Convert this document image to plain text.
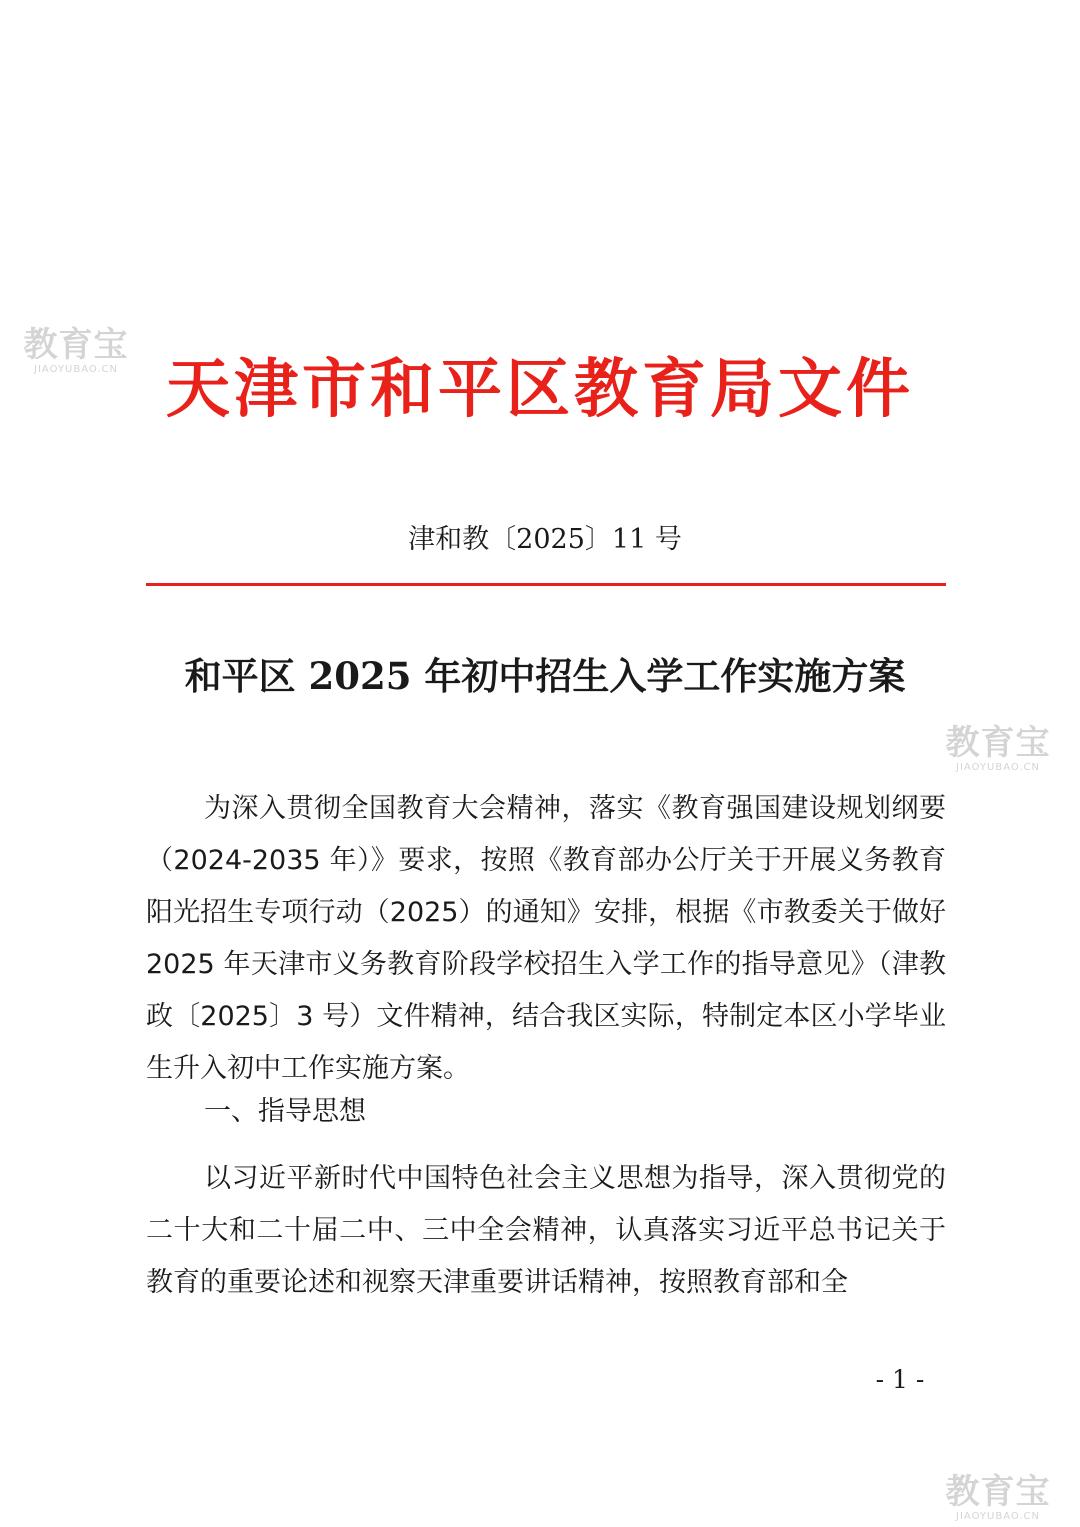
教育宝
JIAOYUBAO.CN 天津市和平区教育局文件
津和教〔2025〕11 号
和平区 2025 年初中招生入学工作实施方案
教育宝
JIAOYUBAO.CN

为深入贯彻全国教育大会精神，落实《教育强国建设规划纲要（2024-2035 年）》要求，按照《教育部办公厅关于开展义务教育阳光招生专项行动（2025）的通知》安排，根据《市教委关于做好 2025 年天津市义务教育阶段学校招生入学工作的指导意见》（津教政〔2025〕3 号）文件精神，结合我区实际，特制定本区小学毕业生升入初中工作实施方案。

一、指导思想

以习近平新时代中国特色社会主义思想为指导，深入贯彻党的二十大和二十届二中、三中全会精神，认真落实习近平总书记关于教育的重要论述和视察天津重要讲话精神，按照教育部和全

- 1 -
教育宝
JIAOYUBAO.CN
